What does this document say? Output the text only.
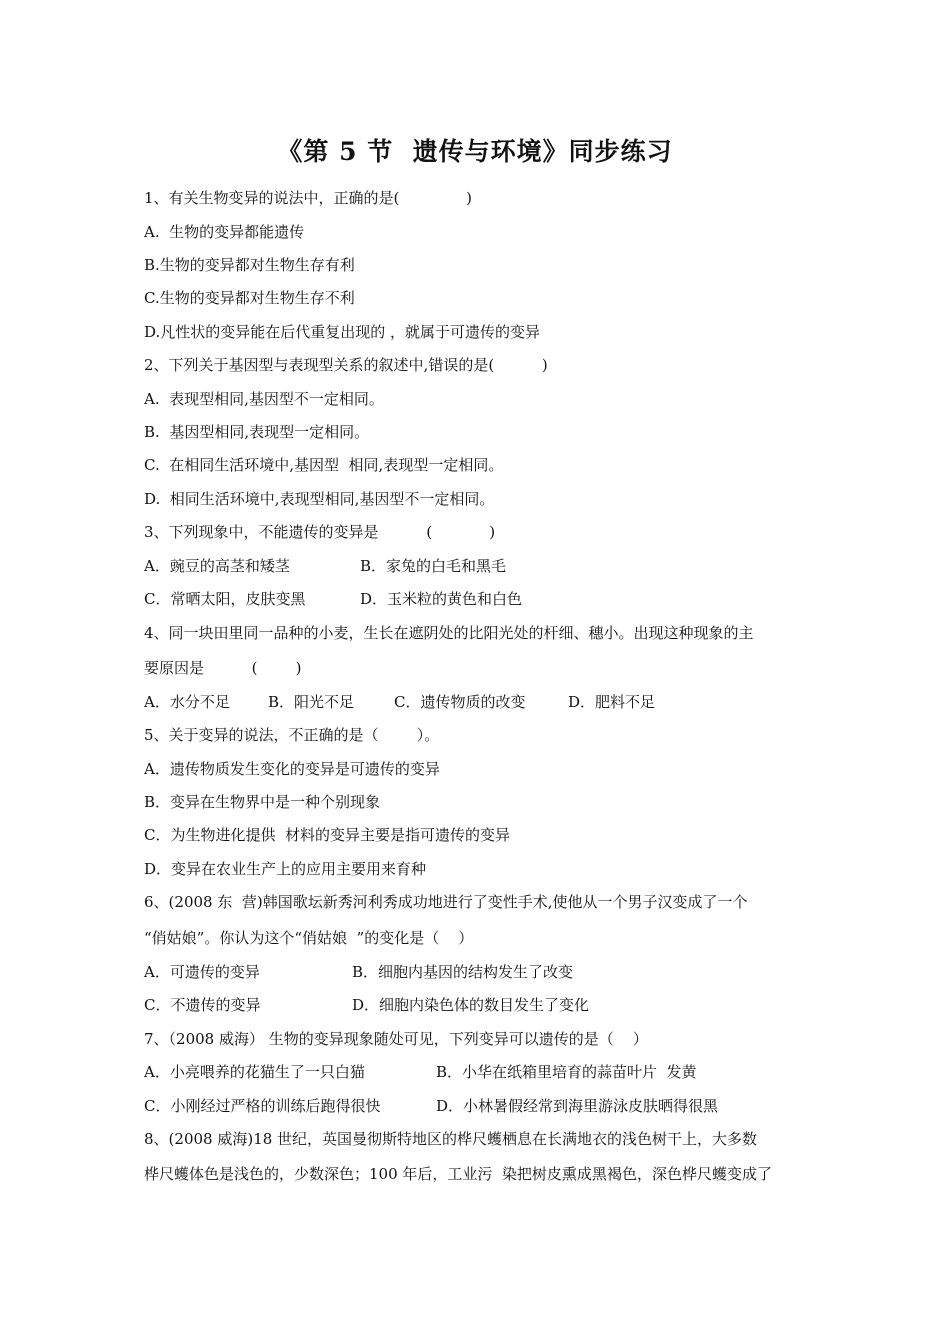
《第 5 节  遗传与环境》同步练习
1、有关生物变异的说法中，正确的是(              )
A.  生物的变异都能遗传
B.生物的变异都对生物生存有利
C.生物的变异都对生物生存不利
D.凡性状的变异能在后代重复出现的 ，就属于可遗传的变异
2、下列关于基因型与表现型关系的叙述中,错误的是(          )
A.  表现型相同,基因型不一定相同。
B.  基因型相同,表现型一定相同。
C.  在相同生活环境中,基因型  相同,表现型一定相同。
D.  相同生活环境中,表现型相同,基因型不一定相同。
3、下列现象中，不能遗传的变异是          (            )
A．豌豆的高茎和矮茎	B．家兔的白毛和黑毛
C．常晒太阳，皮肤变黑	D．玉米粒的黄色和白色
4、同一块田里同一品种的小麦，生长在遮阴处的比阳光处的杆细、穗小。出现这种现象的主
要原因是          (        )
A．水分不足	B．阳光不足	C．遗传物质的改变	D．肥料不足
5、关于变异的说法，不正确的是（        ）。
A．遗传物质发生变化的变异是可遗传的变异
B．变异在生物界中是一种个别现象
C．为生物进化提供  材料的变异主要是指可遗传的变异
D．变异在农业生产上的应用主要用来育种
6、(2008 东  营)韩国歌坛新秀河利秀成功地进行了变性手术,使他从一个男子汉变成了一个
“俏姑娘”。你认为这个“俏姑娘  ”的变化是（    ）
A．可遗传的变异	B．细胞内基因的结构发生了改变
C．不遗传的变异	D．细胞内染色体的数目发生了变化
7、（2008 威海） 生物的变异现象随处可见，下列变异可以遗传的是（    ）
A．小亮喂养的花猫生了一只白猫	B．小华在纸箱里培育的蒜苗叶片  发黄
C．小刚经过严格的训练后跑得很快	D．小林暑假经常到海里游泳皮肤晒得很黑
8、(2008 威海)18 世纪，英国曼彻斯特地区的桦尺蠖栖息在长满地衣的浅色树干上，大多数
桦尺蠖体色是浅色的，少数深色；100 年后，工业污  染把树皮熏成黑褐色，深色桦尺蠖变成了
